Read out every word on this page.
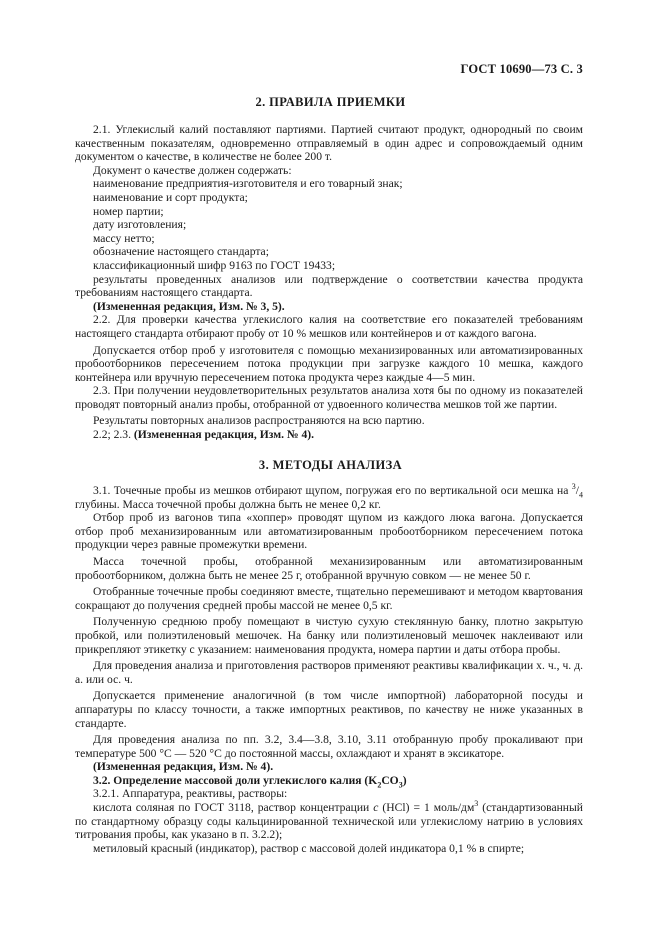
ГОСТ 10690—73 С. 3
2. ПРАВИЛА ПРИЕМКИ

2.1. Углекислый калий поставляют партиями. Партией считают продукт, однородный по своим качественным показателям, одновременно отправляемый в один адрес и сопровождаемый одним документом о качестве, в количестве не более 200 т.

Документ о качестве должен содержать:

наименование предприятия-изготовителя и его товарный знак;

наименование и сорт продукта;

номер партии;

дату изготовления;

массу нетто;

обозначение настоящего стандарта;

классификационный шифр 9163 по ГОСТ 19433;

результаты проведенных анализов или подтверждение о соответствии качества продукта требованиям настоящего стандарта.

(Измененная редакция, Изм. № 3, 5).

2.2. Для проверки качества углекислого калия на соответствие его показателей требованиям настоящего стандарта отбирают пробу от 10 % мешков или контейнеров и от каждого вагона.

Допускается отбор проб у изготовителя с помощью механизированных или автоматизированных пробоотборников пересечением потока продукции при загрузке каждого 10 мешка, каждого контейнера или вручную пересечением потока продукта через каждые 4—5 мин.

2.3. При получении неудовлетворительных результатов анализа хотя бы по одному из показателей проводят повторный анализ пробы, отобранной от удвоенного количества мешков той же партии.

Результаты повторных анализов распространяются на всю партию.

2.2; 2.3. (Измененная редакция, Изм. № 4).

3. МЕТОДЫ АНАЛИЗА

3.1. Точечные пробы из мешков отбирают щупом, погружая его по вертикальной оси мешка на $^3/_4$ глубины. Масса точечной пробы должна быть не менее 0,2 кг.

Отбор проб из вагонов типа «хоппер» проводят щупом из каждого люка вагона. Допускается отбор проб механизированным или автоматизированным пробоотборником пересечением потока продукции через равные промежутки времени.

Масса точечной пробы, отобранной механизированным или автоматизированным пробоотборником, должна быть не менее 25 г, отобранной вручную совком — не менее 50 г.

Отобранные точечные пробы соединяют вместе, тщательно перемешивают и методом квартования сокращают до получения средней пробы массой не менее 0,5 кг.

Полученную среднюю пробу помещают в чистую сухую стеклянную банку, плотно закрытую пробкой, или полиэтиленовый мешочек. На банку или полиэтиленовый мешочек наклеивают или прикрепляют этикетку с указанием: наименования продукта, номера партии и даты отбора пробы.

Для проведения анализа и приготовления растворов применяют реактивы квалификации х. ч., ч. д. а. или ос. ч.

Допускается применение аналогичной (в том числе импортной) лабораторной посуды и аппаратуры по классу точности, а также импортных реактивов, по качеству не ниже указанных в стандарте.

Для проведения анализа по пп. 3.2, 3.4—3.8, 3.10, 3.11 отобранную пробу прокаливают при температуре 500 °С — 520 °С до постоянной массы, охлаждают и хранят в эксикаторе.

(Измененная редакция, Изм. № 4).

3.2. Определение массовой доли углекислого калия $(K_2CO_3)$

3.2.1. Аппаратура, реактивы, растворы:

кислота соляная по ГОСТ 3118, раствор концентрации c (HCl) = 1 моль/$дм^3$ (стандартизованный по стандартному образцу соды кальцинированной технической или углекислому натрию в условиях титрования пробы, как указано в п. 3.2.2);

метиловый красный (индикатор), раствор с массовой долей индикатора 0,1 % в спирте;
